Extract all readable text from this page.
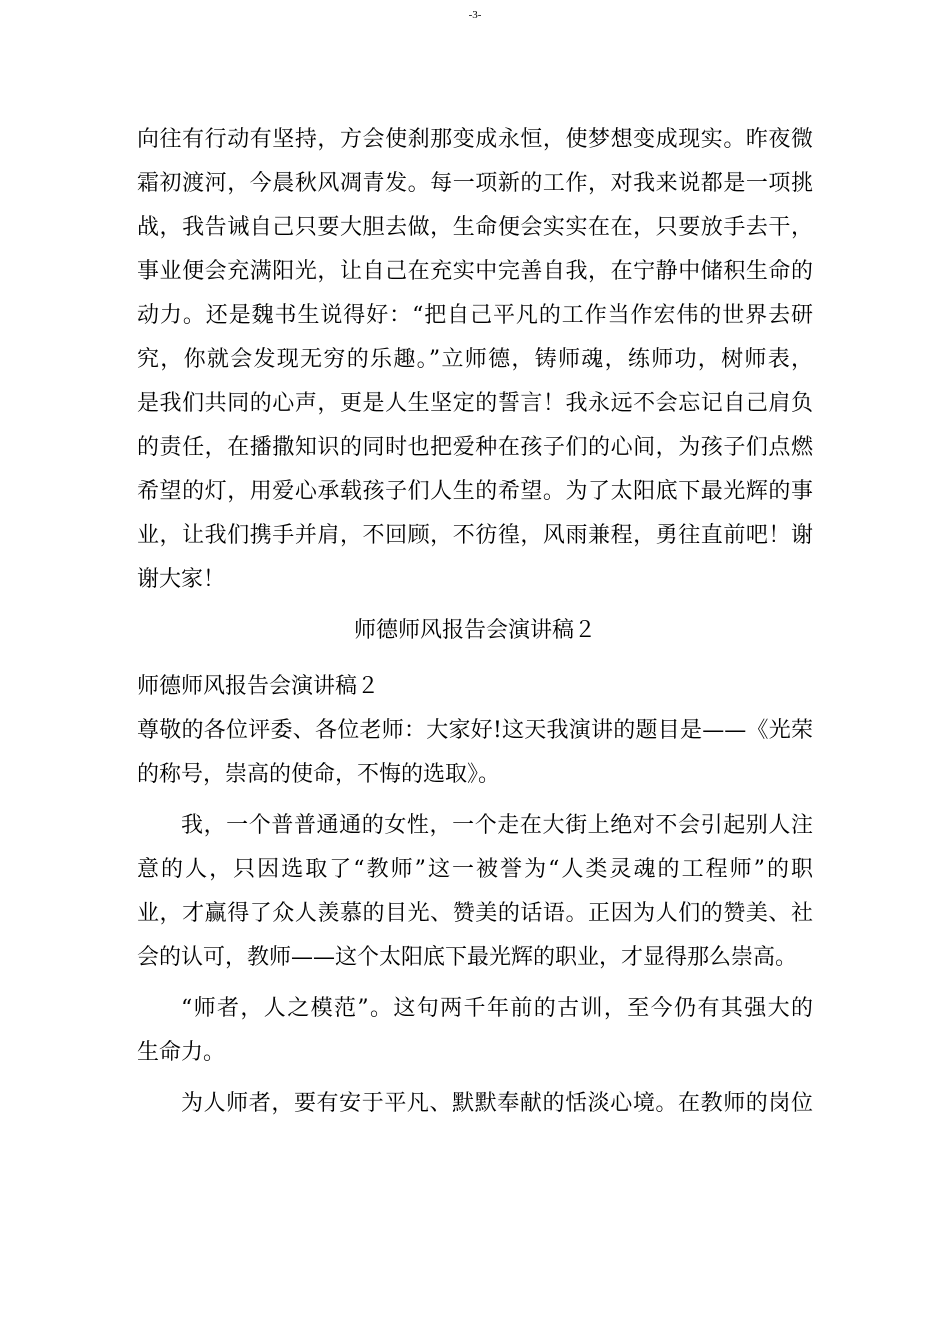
-3-

向往有行动有坚持，方会使刹那变成永恒，使梦想变成现实。昨夜微
霜初渡河，今晨秋风凋青发。每一项新的工作，对我来说都是一项挑
战，我告诫自己只要大胆去做，生命便会实实在在，只要放手去干，
事业便会充满阳光，让自己在充实中完善自我，在宁静中储积生命的
动力。还是魏书生说得好：“把自己平凡的工作当作宏伟的世界去研
究，你就会发现无穷的乐趣。”立师德，铸师魂，练师功，树师表，
是我们共同的心声，更是人生坚定的誓言！我永远不会忘记自己肩负
的责任，在播撒知识的同时也把爱种在孩子们的心间，为孩子们点燃
希望的灯，用爱心承载孩子们人生的希望。为了太阳底下最光辉的事
业，让我们携手并肩，不回顾，不彷徨，风雨兼程，勇往直前吧！谢
谢大家！

师德师风报告会演讲稿２

师德师风报告会演讲稿２

尊敬的各位评委、各位老师：大家好!这天我演讲的题目是——《光荣
的称号，崇高的使命，不悔的选取》。

我，一个普普通通的女性，一个走在大街上绝对不会引起别人注
意的人，只因选取了“教师”这一被誉为“人类灵魂的工程师”的职
业，才赢得了众人羡慕的目光、赞美的话语。正因为人们的赞美、社
会的认可，教师——这个太阳底下最光辉的职业，才显得那么崇高。

“师者，人之模范”。这句两千年前的古训，至今仍有其强大的
生命力。

为人师者，要有安于平凡、默默奉献的恬淡心境。在教师的岗位
